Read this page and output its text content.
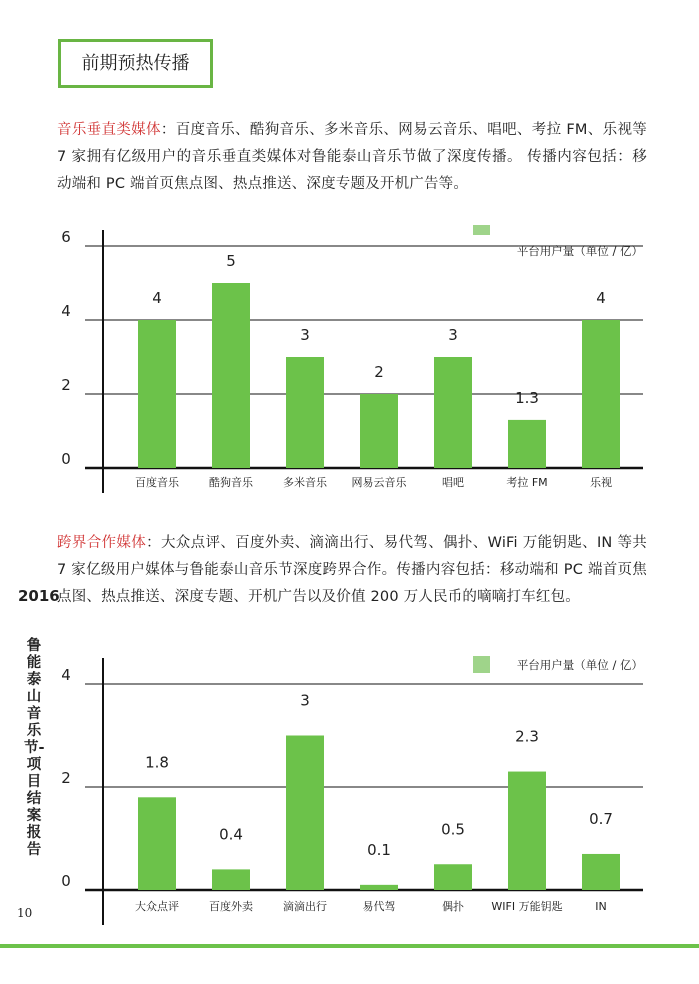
前期预热传播
音乐垂直类媒体：百度音乐、酷狗音乐、多米音乐、网易云音乐、唱吧、考拉 FM、乐视等 7 家拥有亿级用户的音乐垂直类媒体对鲁能泰山音乐节做了深度传播。 传播内容包括：移动端和 PC 端首页焦点图、热点推送、深度专题及开机广告等。
0
2
4
6
平台用户量（单位 / 亿）
4
百度音乐
5
酷狗音乐
3
多米音乐
2
网易云音乐
3
唱吧
1.3
考拉 FM
4
乐视
跨界合作媒体：大众点评、百度外卖、滴滴出行、易代驾、偶扑、WiFi 万能钥匙、IN 等共 7 家亿级用户媒体与鲁能泰山音乐节深度跨界合作。传播内容包括：移动端和 PC 端首页焦点图、热点推送、深度专题、开机广告以及价值 200 万人民币的嘀嘀打车红包。
0
2
4
平台用户量（单位 / 亿）
1.8
大众点评
0.4
百度外卖
3
滴滴出行
0.1
易代驾
0.5
偶扑
2.3
WIFI 万能钥匙
0.7
IN
2016
鲁能泰山音乐节-项目结案报告
10
